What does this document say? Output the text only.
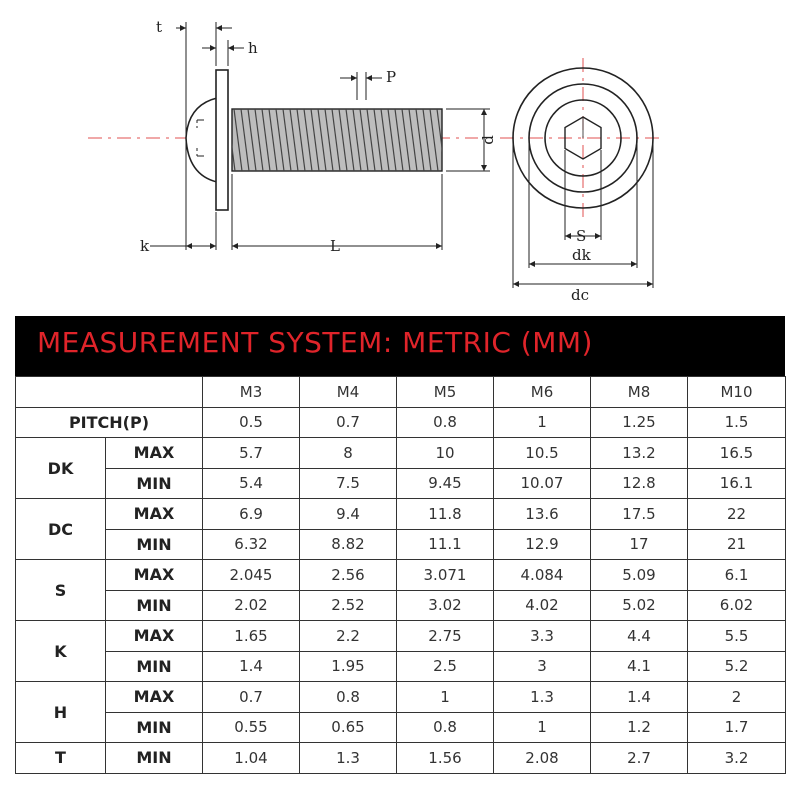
t
h
P
d
k	L
S
dk
dc
MEASUREMENT SYSTEM: METRIC (MM)
		M3	M4	M5	M6	M8	M10
PITCH(P)		0.5	0.7	0.8	1	1.25	1.5
DK	MAX	5.7	8	10	10.5	13.2	16.5
	MIN	5.4	7.5	9.45	10.07	12.8	16.1
DC	MAX	6.9	9.4	11.8	13.6	17.5	22
	MIN	6.32	8.82	11.1	12.9	17	21
S	MAX	2.045	2.56	3.071	4.084	5.09	6.1
	MIN	2.02	2.52	3.02	4.02	5.02	6.02
K	MAX	1.65	2.2	2.75	3.3	4.4	5.5
	MIN	1.4	1.95	2.5	3	4.1	5.2
H	MAX	0.7	0.8	1	1.3	1.4	2
	MIN	0.55	0.65	0.8	1	1.2	1.7
T	MIN	1.04	1.3	1.56	2.08	2.7	3.2
